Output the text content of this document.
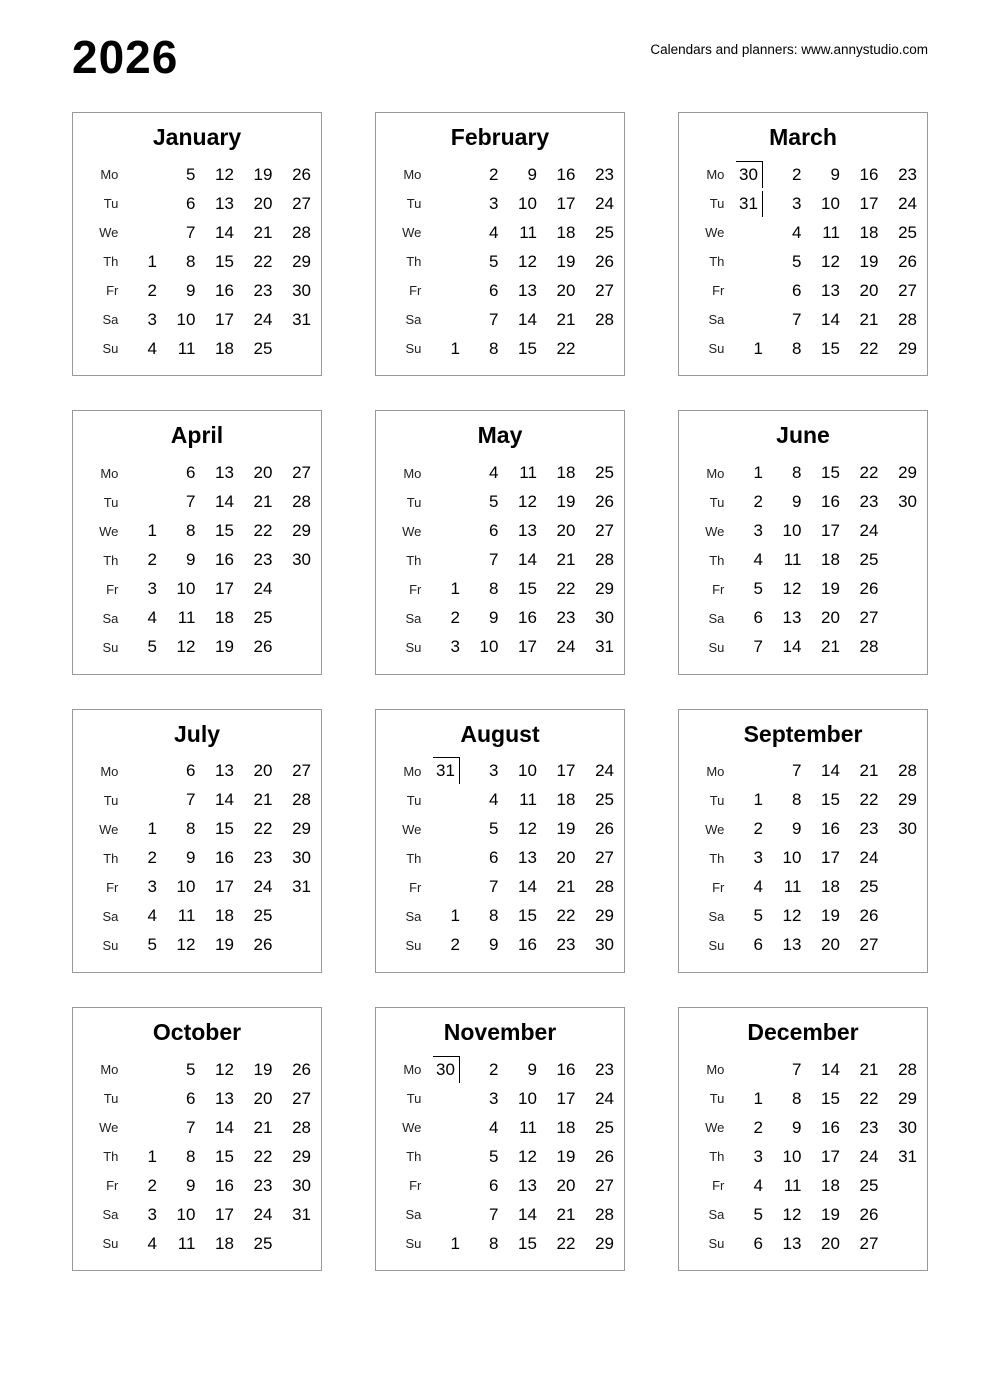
2026	Calendars and planners: www.annystudio.com
January
Mo		5	12	19	26
Tu		6	13	20	27
We		7	14	21	28
Th	1	8	15	22	29
Fr	2	9	16	23	30
Sa	3	10	17	24	31
Su	4	11	18	25	
February
Mo		2	9	16	23
Tu		3	10	17	24
We		4	11	18	25
Th		5	12	19	26
Fr		6	13	20	27
Sa		7	14	21	28
Su	1	8	15	22	
March
Mo	30	2	9	16	23
Tu	31	3	10	17	24
We		4	11	18	25
Th		5	12	19	26
Fr		6	13	20	27
Sa		7	14	21	28
Su	1	8	15	22	29
April
Mo		6	13	20	27
Tu		7	14	21	28
We	1	8	15	22	29
Th	2	9	16	23	30
Fr	3	10	17	24	
Sa	4	11	18	25	
Su	5	12	19	26	
May
Mo		4	11	18	25
Tu		5	12	19	26
We		6	13	20	27
Th		7	14	21	28
Fr	1	8	15	22	29
Sa	2	9	16	23	30
Su	3	10	17	24	31
June
Mo	1	8	15	22	29
Tu	2	9	16	23	30
We	3	10	17	24	
Th	4	11	18	25	
Fr	5	12	19	26	
Sa	6	13	20	27	
Su	7	14	21	28	
July
Mo		6	13	20	27
Tu		7	14	21	28
We	1	8	15	22	29
Th	2	9	16	23	30
Fr	3	10	17	24	31
Sa	4	11	18	25	
Su	5	12	19	26	
August
Mo	31	3	10	17	24
Tu		4	11	18	25
We		5	12	19	26
Th		6	13	20	27
Fr		7	14	21	28
Sa	1	8	15	22	29
Su	2	9	16	23	30
September
Mo		7	14	21	28
Tu	1	8	15	22	29
We	2	9	16	23	30
Th	3	10	17	24	
Fr	4	11	18	25	
Sa	5	12	19	26	
Su	6	13	20	27	
October
Mo		5	12	19	26
Tu		6	13	20	27
We		7	14	21	28
Th	1	8	15	22	29
Fr	2	9	16	23	30
Sa	3	10	17	24	31
Su	4	11	18	25	
November
Mo	30	2	9	16	23
Tu		3	10	17	24
We		4	11	18	25
Th		5	12	19	26
Fr		6	13	20	27
Sa		7	14	21	28
Su	1	8	15	22	29
December
Mo		7	14	21	28
Tu	1	8	15	22	29
We	2	9	16	23	30
Th	3	10	17	24	31
Fr	4	11	18	25	
Sa	5	12	19	26	
Su	6	13	20	27	
